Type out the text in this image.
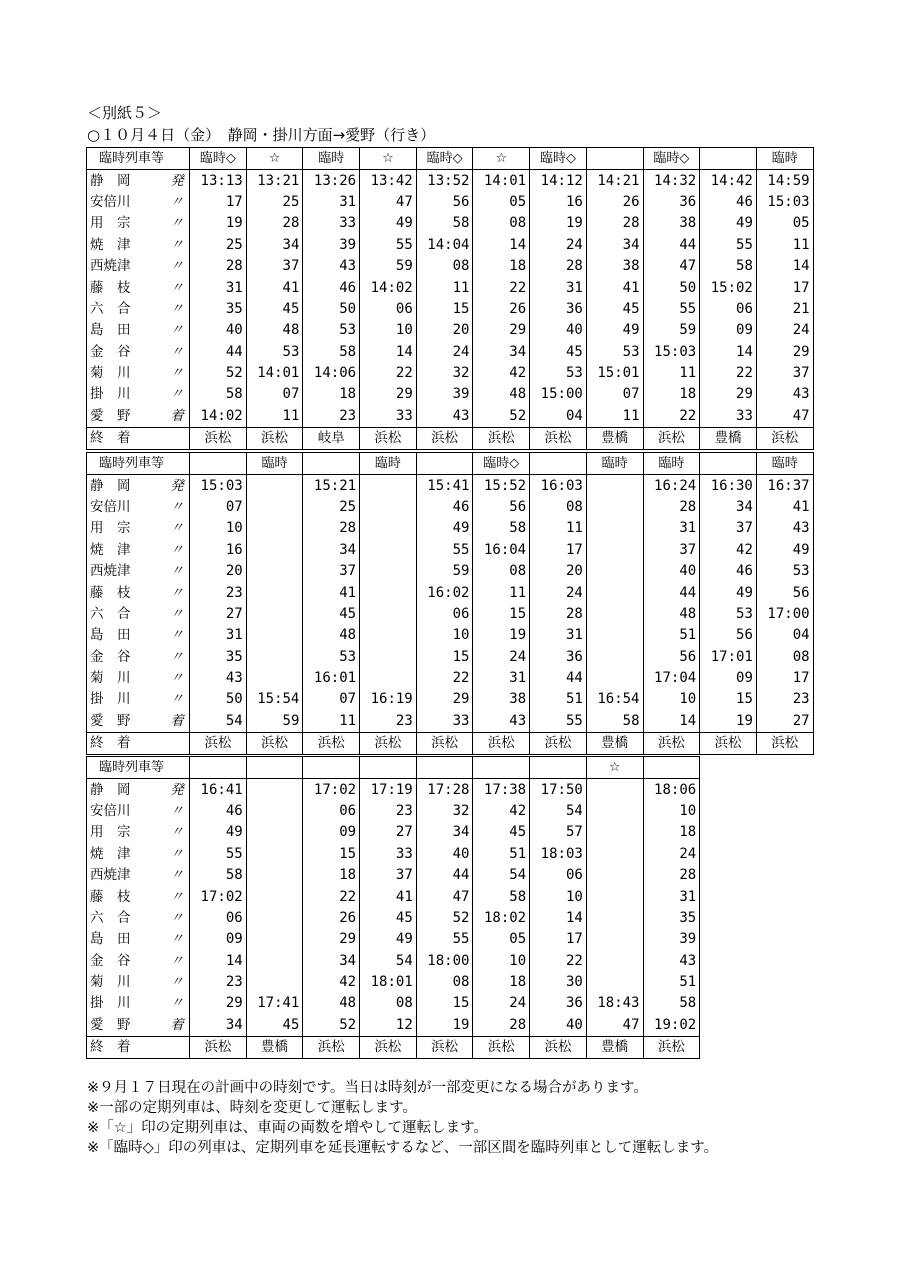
＜別紙５＞
○１０月４日（金）　静岡・掛川方面→愛野（行き）
臨時列車等	臨時◇	☆	臨時	☆	臨時◇	☆	臨時◇		臨時◇		臨時
静　岡 発	13:13	13:21	13:26	13:42	13:52	14:01	14:12	14:21	14:32	14:42	14:59
安倍川 〃	17	25	31	47	56	05	16	26	36	46	15:03
用　宗 〃	19	28	33	49	58	08	19	28	38	49	05
焼　津 〃	25	34	39	55	14:04	14	24	34	44	55	11
西焼津 〃	28	37	43	59	08	18	28	38	47	58	14
藤　枝 〃	31	41	46	14:02	11	22	31	41	50	15:02	17
六　合 〃	35	45	50	06	15	26	36	45	55	06	21
島　田 〃	40	48	53	10	20	29	40	49	59	09	24
金　谷 〃	44	53	58	14	24	34	45	53	15:03	14	29
菊　川 〃	52	14:01	14:06	22	32	42	53	15:01	11	22	37
掛　川 〃	58	07	18	29	39	48	15:00	07	18	29	43
愛　野 着	14:02	11	23	33	43	52	04	11	22	33	47
終　着	浜松	浜松	岐阜	浜松	浜松	浜松	浜松	豊橋	浜松	豊橋	浜松
臨時列車等		臨時		臨時		臨時◇		臨時	臨時		臨時
静　岡 発	15:03		15:21		15:41	15:52	16:03		16:24	16:30	16:37
安倍川 〃	07		25		46	56	08		28	34	41
用　宗 〃	10		28		49	58	11		31	37	43
焼　津 〃	16		34		55	16:04	17		37	42	49
西焼津 〃	20		37		59	08	20		40	46	53
藤　枝 〃	23		41		16:02	11	24		44	49	56
六　合 〃	27		45		06	15	28		48	53	17:00
島　田 〃	31		48		10	19	31		51	56	04
金　谷 〃	35		53		15	24	36		56	17:01	08
菊　川 〃	43		16:01		22	31	44		17:04	09	17
掛　川 〃	50	15:54	07	16:19	29	38	51	16:54	10	15	23
愛　野 着	54	59	11	23	33	43	55	58	14	19	27
終　着	浜松	浜松	浜松	浜松	浜松	浜松	浜松	豊橋	浜松	浜松	浜松
臨時列車等								☆	
静　岡 発	16:41		17:02	17:19	17:28	17:38	17:50		18:06
安倍川 〃	46		06	23	32	42	54		10
用　宗 〃	49		09	27	34	45	57		18
焼　津 〃	55		15	33	40	51	18:03		24
西焼津 〃	58		18	37	44	54	06		28
藤　枝 〃	17:02		22	41	47	58	10		31
六　合 〃	06		26	45	52	18:02	14		35
島　田 〃	09		29	49	55	05	17		39
金　谷 〃	14		34	54	18:00	10	22		43
菊　川 〃	23		42	18:01	08	18	30		51
掛　川 〃	29	17:41	48	08	15	24	36	18:43	58
愛　野 着	34	45	52	12	19	28	40	47	19:02
終　着	浜松	豊橋	浜松	浜松	浜松	浜松	浜松	豊橋	浜松
※９月１７日現在の計画中の時刻です。当日は時刻が一部変更になる場合があります。
※一部の定期列車は、時刻を変更して運転します。
※「☆」印の定期列車は、車両の両数を増やして運転します。
※「臨時◇」印の列車は、定期列車を延長運転するなど、一部区間を臨時列車として運転します。
